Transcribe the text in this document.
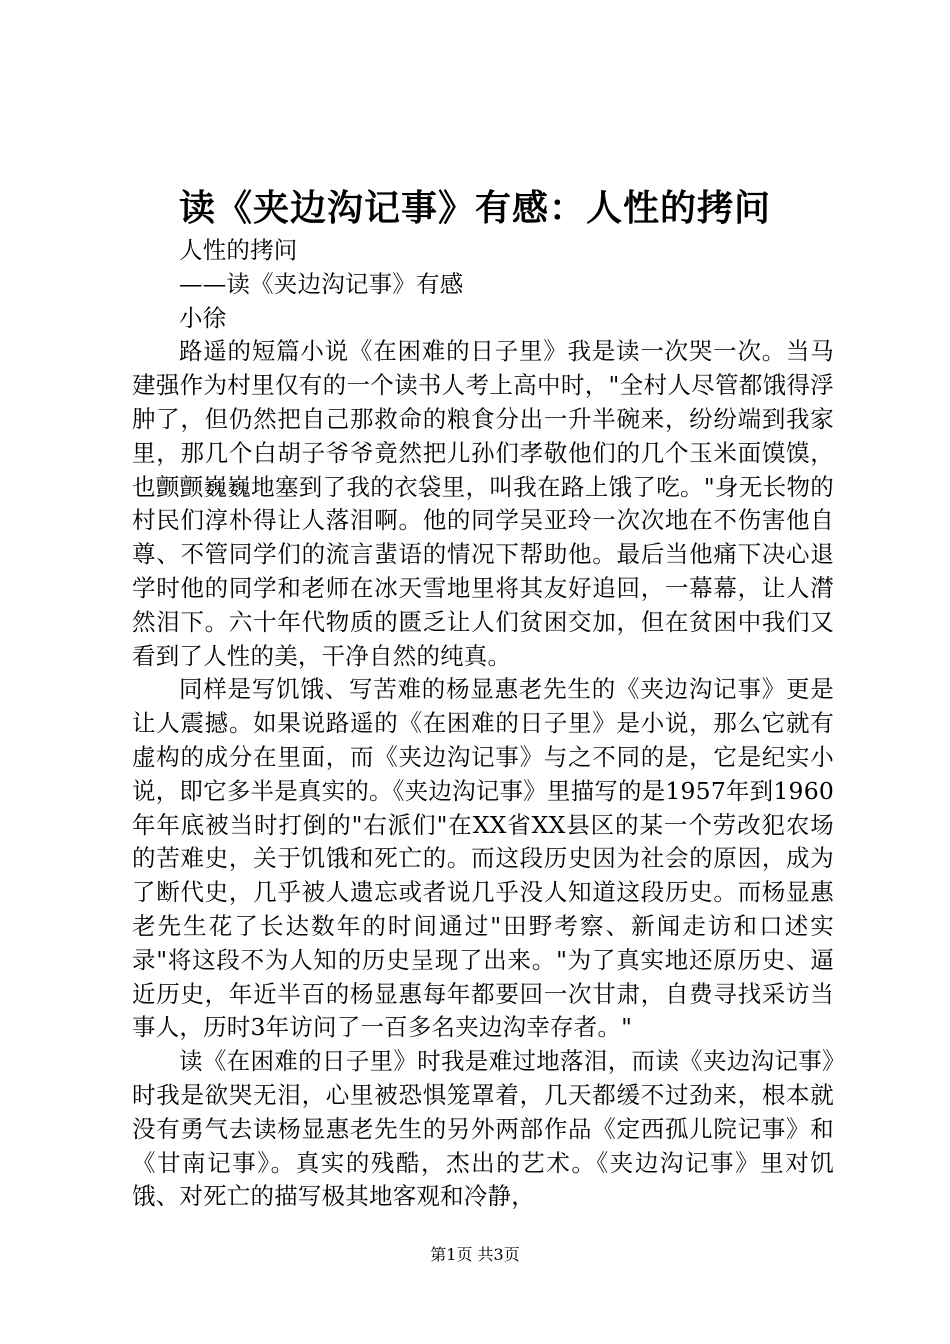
读《夹边沟记事》有感：人性的拷问

人性的拷问

——读《夹边沟记事》有感

小徐

路遥的短篇小说《在困难的日子里》我是读一次哭一次。当马建强作为村里仅有的一个读书人考上高中时，"全村人尽管都饿得浮肿了，但仍然把自己那救命的粮食分出一升半碗来，纷纷端到我家里，那几个白胡子爷爷竟然把儿孙们孝敬他们的几个玉米面馍馍，也颤颤巍巍地塞到了我的衣袋里，叫我在路上饿了吃。"身无长物的村民们淳朴得让人落泪啊。他的同学吴亚玲一次次地在不伤害他自尊、不管同学们的流言蜚语的情况下帮助他。最后当他痛下决心退学时他的同学和老师在冰天雪地里将其友好追回，一幕幕，让人潸然泪下。六十年代物质的匮乏让人们贫困交加，但在贫困中我们又看到了人性的美，干净自然的纯真。

同样是写饥饿、写苦难的杨显惠老先生的《夹边沟记事》更是让人震撼。如果说路遥的《在困难的日子里》是小说，那么它就有虚构的成分在里面，而《夹边沟记事》与之不同的是，它是纪实小说，即它多半是真实的。《夹边沟记事》里描写的是1957年到1960年年底被当时打倒的"右派们"在XX省XX县区的某一个劳改犯农场的苦难史，关于饥饿和死亡的。而这段历史因为社会的原因，成为了断代史，几乎被人遗忘或者说几乎没人知道这段历史。而杨显惠老先生花了长达数年的时间通过"田野考察、新闻走访和口述实录"将这段不为人知的历史呈现了出来。"为了真实地还原历史、逼近历史，年近半百的杨显惠每年都要回一次甘肃，自费寻找采访当事人，历时3年访问了一百多名夹边沟幸存者。"

读《在困难的日子里》时我是难过地落泪，而读《夹边沟记事》时我是欲哭无泪，心里被恐惧笼罩着，几天都缓不过劲来，根本就没有勇气去读杨显惠老先生的另外两部作品《定西孤儿院记事》和《甘南记事》。真实的残酷，杰出的艺术。《夹边沟记事》里对饥饿、对死亡的描写极其地客观和冷静，

第1页 共3页
